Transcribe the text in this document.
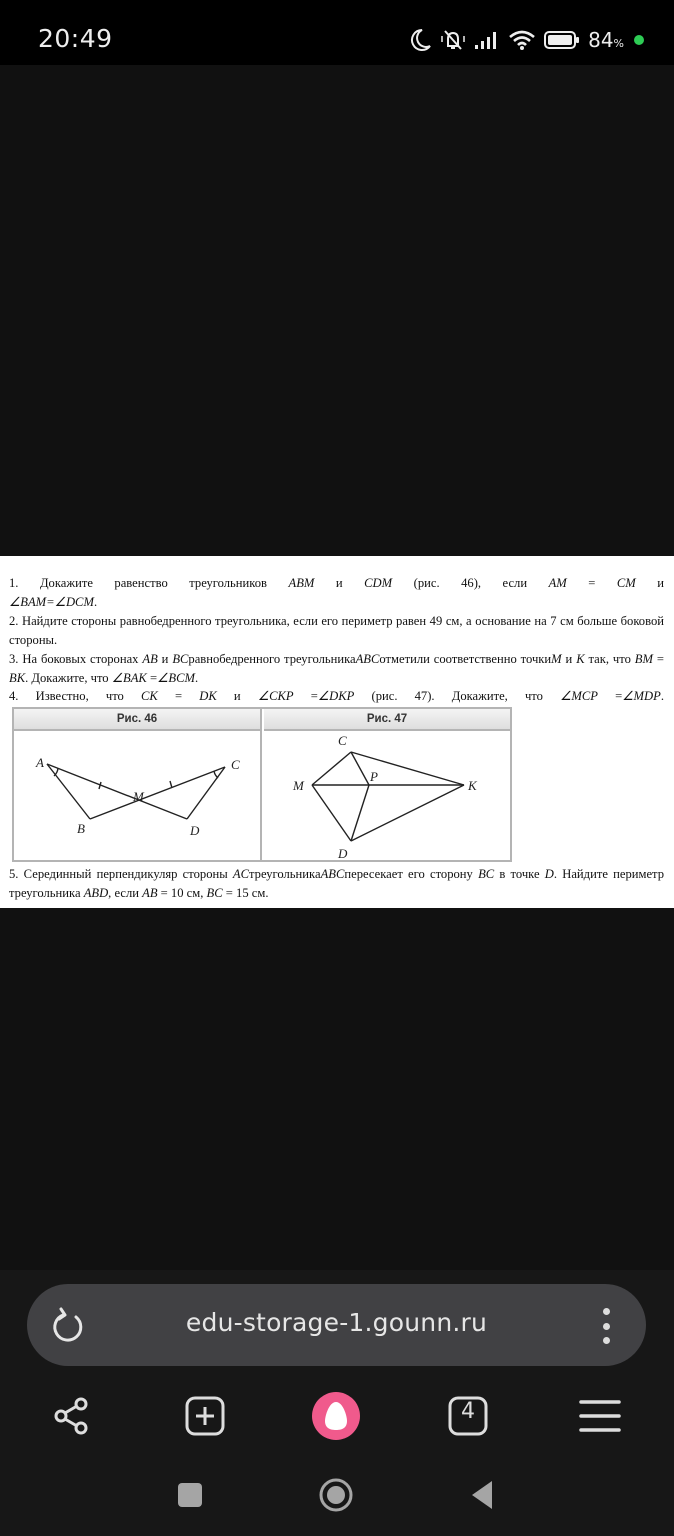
20:49	84%
1. Докажите равенство треугольников ABM и CDM (рис. 46), если AM = CM и
∠BAM=∠DCM.
2. Найдите стороны равнобедренного треугольника, если его периметр равен 49 см, а основание на 7 см больше боковой стороны.
3. На боковых сторонах AB и BCравнобедренного треугольникаABCотметили соответственно точкиM и K так, что BM = BK. Докажите, что ∠BAK =∠BCM.
4. Известно, что CK = DK и ∠CKP =∠DKP (рис. 47). Докажите, что ∠MCP =∠MDP.
Рис. 46
A
B
C
D
M
Рис. 47
C
M
P
K
D
5. Серединный перпендикуляр стороны ACтреугольникаABCпересекает его сторону BC в точке D. Найдите периметр треугольника ABD, если AB = 10 см, BC = 15 см.
edu-storage-1.gounn.ru
4
